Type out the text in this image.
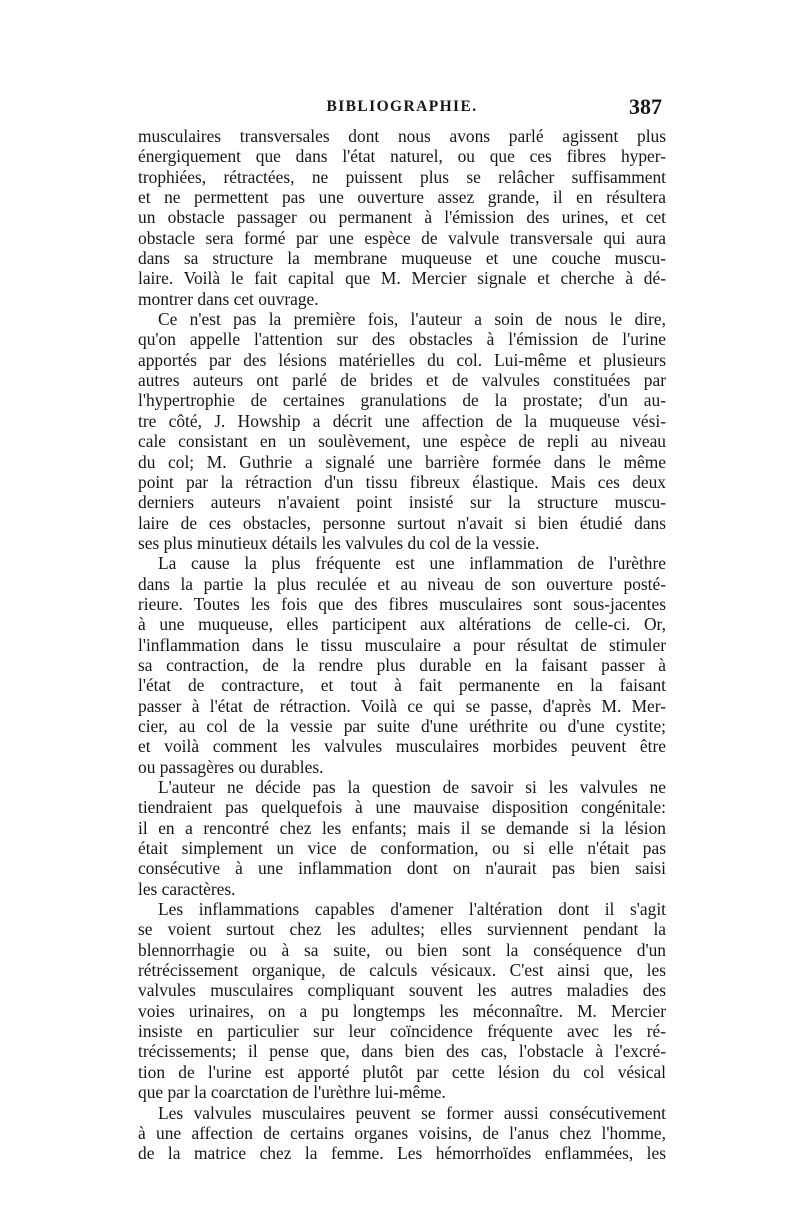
BIBLIOGRAPHIE.	387
musculaires transversales dont nous avons parlé agissent plus
énergiquement que dans l'état naturel, ou que ces fibres hyper-
trophiées, rétractées, ne puissent plus se relâcher suffisamment
et ne permettent pas une ouverture assez grande, il en résultera
un obstacle passager ou permanent à l'émission des urines, et cet
obstacle sera formé par une espèce de valvule transversale qui aura
dans sa structure la membrane muqueuse et une couche muscu-
laire. Voilà le fait capital que M. Mercier signale et cherche à dé-
montrer dans cet ouvrage.
Ce n'est pas la première fois, l'auteur a soin de nous le dire,
qu'on appelle l'attention sur des obstacles à l'émission de l'urine
apportés par des lésions matérielles du col. Lui-même et plusieurs
autres auteurs ont parlé de brides et de valvules constituées par
l'hypertrophie de certaines granulations de la prostate; d'un au-
tre côté, J. Howship a décrit une affection de la muqueuse vési-
cale consistant en un soulèvement, une espèce de repli au niveau
du col; M. Guthrie a signalé une barrière formée dans le même
point par la rétraction d'un tissu fibreux élastique. Mais ces deux
derniers auteurs n'avaient point insisté sur la structure muscu-
laire de ces obstacles, personne surtout n'avait si bien étudié dans
ses plus minutieux détails les valvules du col de la vessie.
La cause la plus fréquente est une inflammation de l'urèthre
dans la partie la plus reculée et au niveau de son ouverture posté-
rieure. Toutes les fois que des fibres musculaires sont sous-jacentes
à une muqueuse, elles participent aux altérations de celle-ci. Or,
l'inflammation dans le tissu musculaire a pour résultat de stimuler
sa contraction, de la rendre plus durable en la faisant passer à
l'état de contracture, et tout à fait permanente en la faisant
passer à l'état de rétraction. Voilà ce qui se passe, d'après M. Mer-
cier, au col de la vessie par suite d'une uréthrite ou d'une cystite;
et voilà comment les valvules musculaires morbides peuvent être
ou passagères ou durables.
L'auteur ne décide pas la question de savoir si les valvules ne
tiendraient pas quelquefois à une mauvaise disposition congénitale:
il en a rencontré chez les enfants; mais il se demande si la lésion
était simplement un vice de conformation, ou si elle n'était pas
consécutive à une inflammation dont on n'aurait pas bien saisi
les caractères.
Les inflammations capables d'amener l'altération dont il s'agit
se voient surtout chez les adultes; elles surviennent pendant la
blennorrhagie ou à sa suite, ou bien sont la conséquence d'un
rétrécissement organique, de calculs vésicaux. C'est ainsi que, les
valvules musculaires compliquant souvent les autres maladies des
voies urinaires, on a pu longtemps les méconnaître. M. Mercier
insiste en particulier sur leur coïncidence fréquente avec les ré-
trécissements; il pense que, dans bien des cas, l'obstacle à l'excré-
tion de l'urine est apporté plutôt par cette lésion du col vésical
que par la coarctation de l'urèthre lui-même.
Les valvules musculaires peuvent se former aussi consécutivement
à une affection de certains organes voisins, de l'anus chez l'homme,
de la matrice chez la femme. Les hémorrhoïdes enflammées, les
